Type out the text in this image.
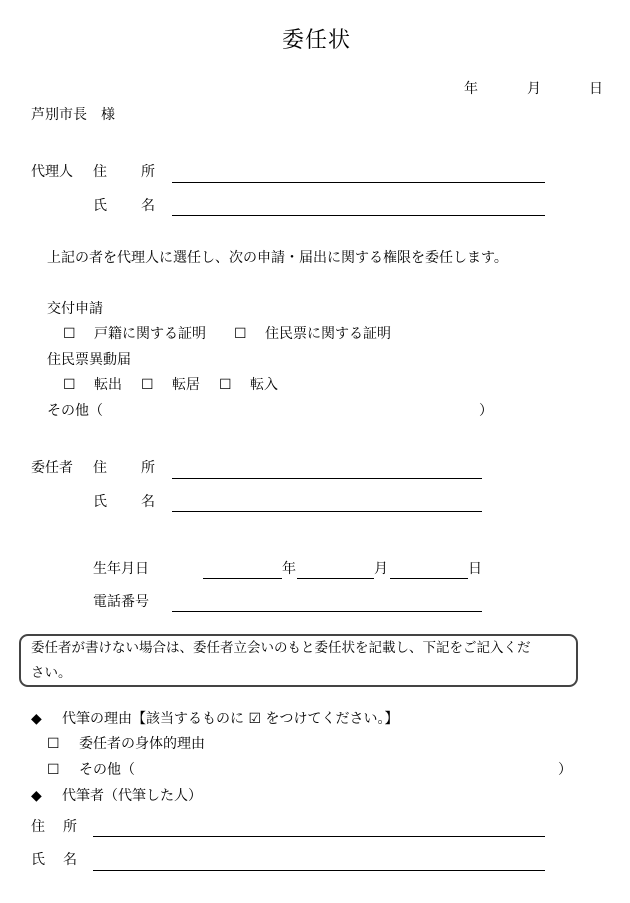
委任状
年	月	日
芦別市長　様
代理人 住 所
氏 名
上記の者を代理人に選任し、次の申請・届出に関する権限を委任します。
交付申請
☐ 戸籍に関する証明 ☐ 住民票に関する証明
住民票異動届
☐ 転出 ☐ 転居 ☐ 転入
その他（	）
委任者 住 所
氏 名
生年月日	年	月	日
電話番号
委任者が書けない場合は、委任者立会いのもと委任状を記載し、下記をご記入くだ
さい。
◆ 代筆の理由【該当するものに ☑ をつけてください。】
☐ 委任者の身体的理由
☐ その他（	）
◆ 代筆者（代筆した人）
住 所
氏 名
